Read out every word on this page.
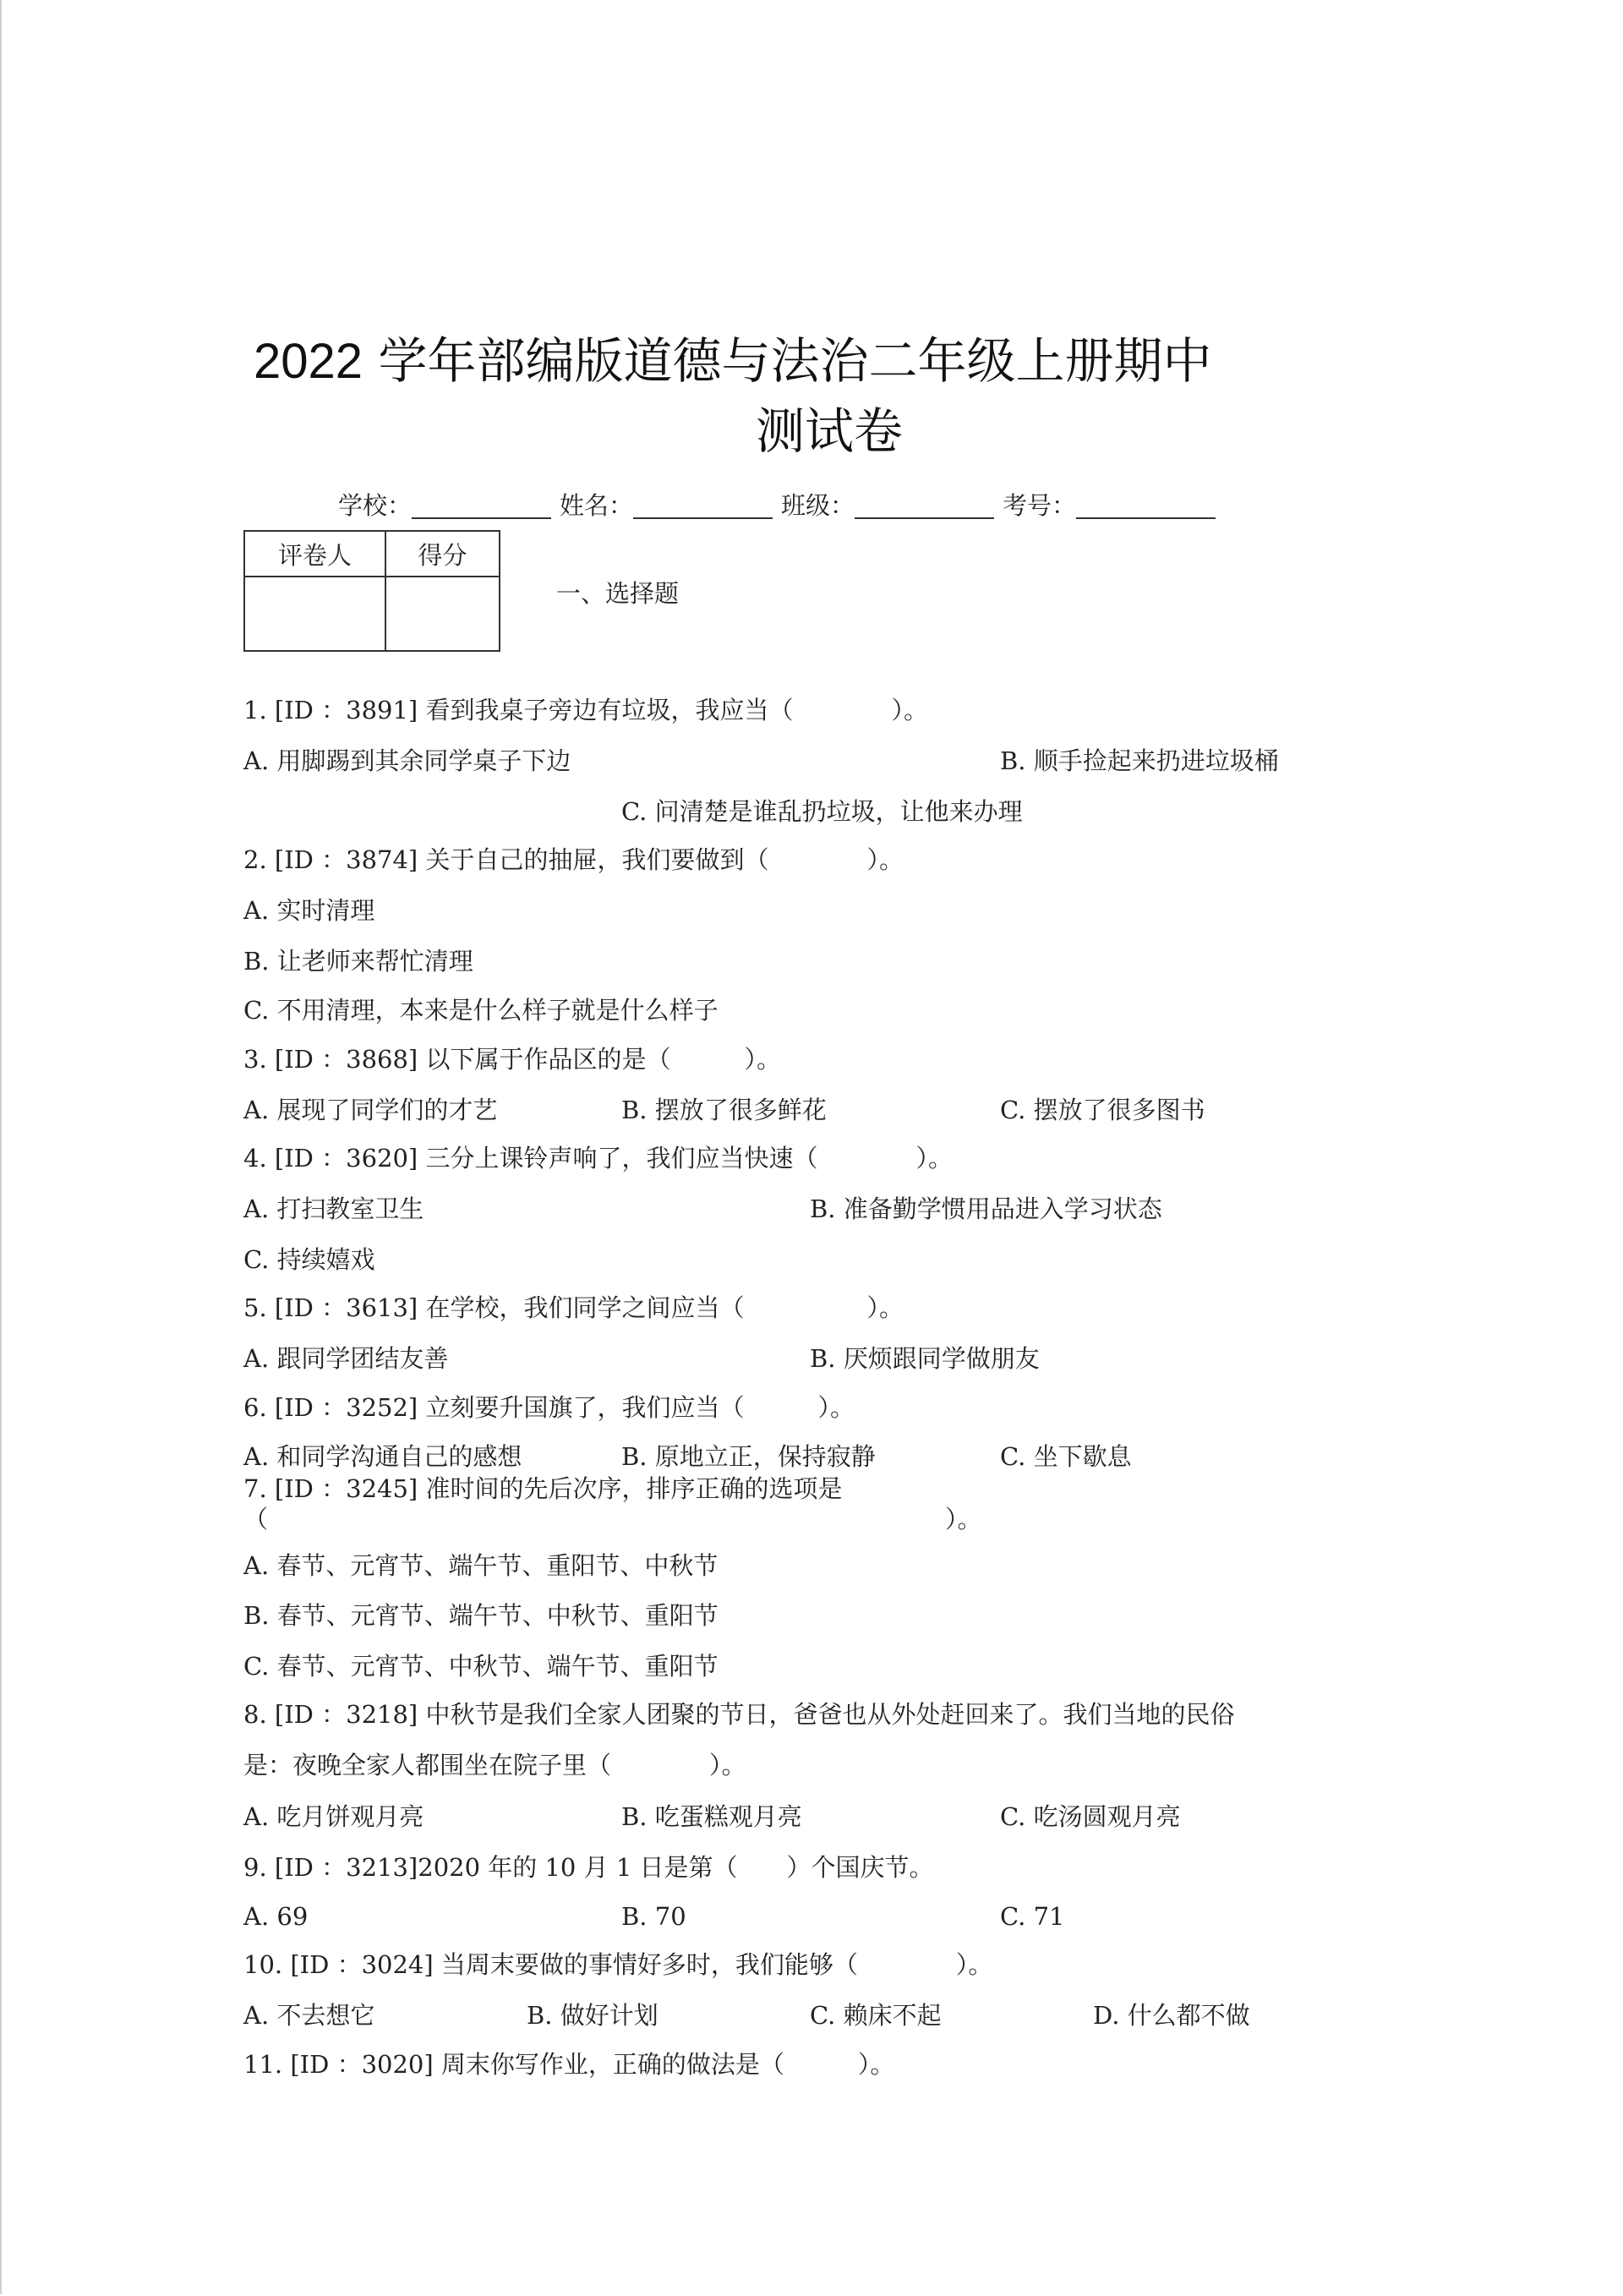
2022 学年部编版道德与法治二年级上册期中
测试卷
学校：	姓名：	班级：	考号：
评卷人	得分

一、选择题
1. [ID ：3891] 看到我桌子旁边有垃圾，我应当（　　　　）。
A. 用脚踢到其余同学桌子下边	B. 顺手捡起来扔进垃圾桶
C. 问清楚是谁乱扔垃圾，让他来办理
2. [ID ：3874] 关于自己的抽屉，我们要做到（　　　　）。
A. 实时清理
B. 让老师来帮忙清理
C. 不用清理，本来是什么样子就是什么样子
3. [ID ：3868] 以下属于作品区的是（　　　）。
A. 展现了同学们的才艺	B. 摆放了很多鲜花	C. 摆放了很多图书
4. [ID ：3620] 三分上课铃声响了，我们应当快速（　　　　）。
A. 打扫教室卫生	B. 准备勤学惯用品进入学习状态
C. 持续嬉戏
5. [ID ：3613] 在学校，我们同学之间应当（　　　　　）。
A. 跟同学团结友善	B. 厌烦跟同学做朋友
6. [ID ：3252] 立刻要升国旗了，我们应当（　　　）。
A. 和同学沟通自己的感想	B. 原地立正，保持寂静	C. 坐下歇息
7. [ID ：3245] 准时间的先后次序，排序正确的选项是
（	）。
A. 春节、元宵节、端午节、重阳节、中秋节
B. 春节、元宵节、端午节、中秋节、重阳节
C. 春节、元宵节、中秋节、端午节、重阳节
8. [ID ：3218] 中秋节是我们全家人团聚的节日，爸爸也从外处赶回来了。我们当地的民俗
是：夜晚全家人都围坐在院子里（　　　　）。
A. 吃月饼观月亮	B. 吃蛋糕观月亮	C. 吃汤圆观月亮
9. [ID ：3213]2020 年的 10 月 1 日是第（　　）个国庆节。
A. 69	B. 70	C. 71
10. [ID ：3024] 当周末要做的事情好多时，我们能够（　　　　）。
A. 不去想它	B. 做好计划	C. 赖床不起	D. 什么都不做
11. [ID ：3020] 周末你写作业，正确的做法是（　　　）。
